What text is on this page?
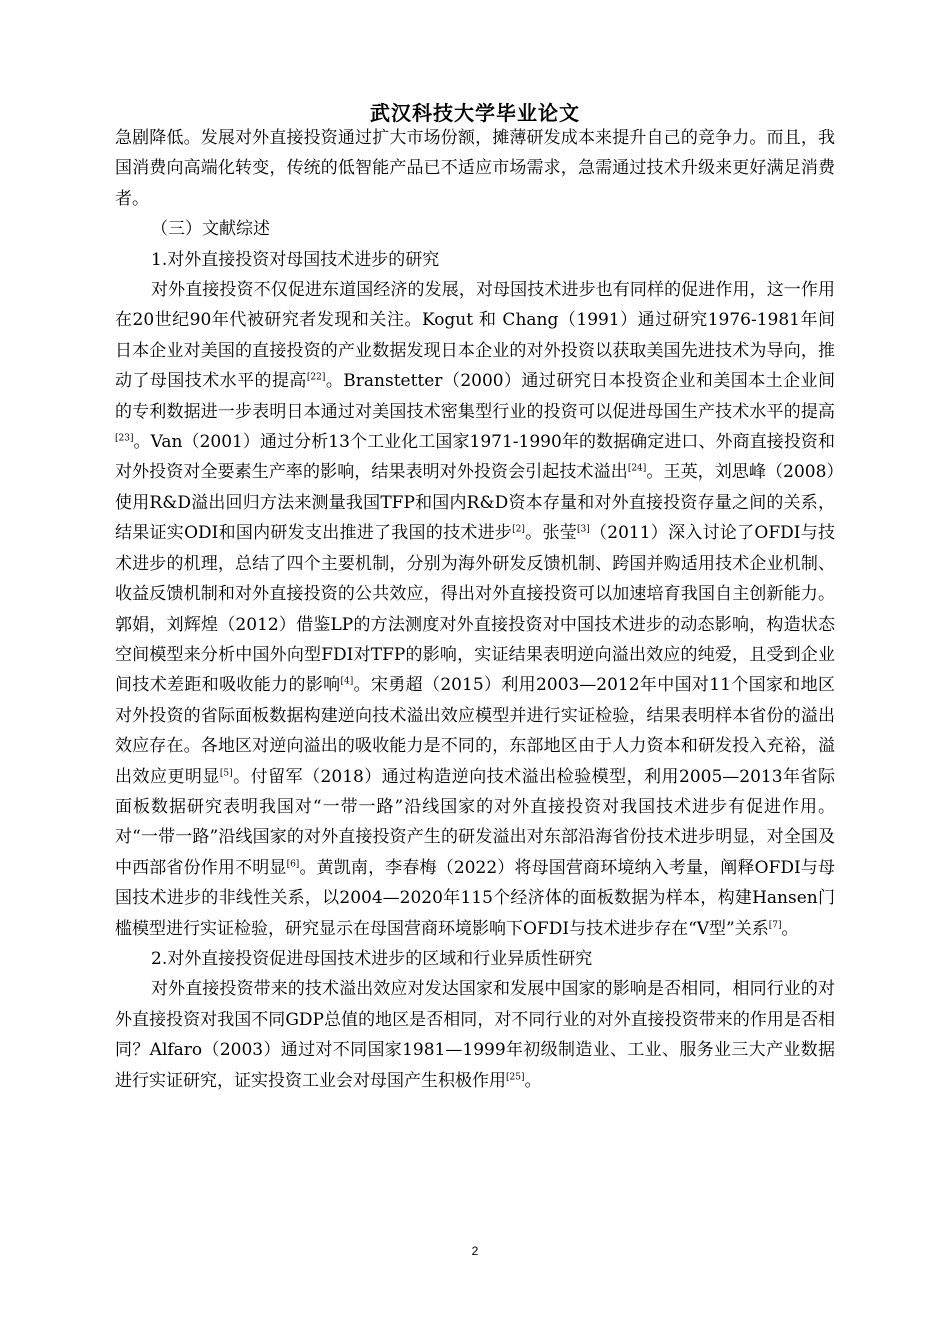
武汉科技大学毕业论文

急剧降低。发展对外直接投资通过扩大市场份额，摊薄研发成本来提升自己的竞争力。而且，我国消费向高端化转变，传统的低智能产品已不适应市场需求，急需通过技术升级来更好满足消费者。

（三）文献综述

1.对外直接投资对母国技术进步的研究

对外直接投资不仅促进东道国经济的发展，对母国技术进步也有同样的促进作用，这一作用在20世纪90年代被研究者发现和关注。Kogut 和 Chang（1991）通过研究1976-1981年间日本企业对美国的直接投资的产业数据发现日本企业的对外投资以获取美国先进技术为导向，推动了母国技术水平的提高[22]。Branstetter（2000）通过研究日本投资企业和美国本土企业间的专利数据进一步表明日本通过对美国技术密集型行业的投资可以促进母国生产技术水平的提高[23]。Van（2001）通过分析13个工业化工国家1971-1990年的数据确定进口、外商直接投资和对外投资对全要素生产率的影响，结果表明对外投资会引起技术溢出[24]。王英，刘思峰（2008）使用R&D溢出回归方法来测量我国TFP和国内R&D资本存量和对外直接投资存量之间的关系，结果证实ODI和国内研发支出推进了我国的技术进步[2]。张莹[3]（2011）深入讨论了OFDI与技术进步的机理，总结了四个主要机制，分别为海外研发反馈机制、跨国并购适用技术企业机制、收益反馈机制和对外直接投资的公共效应，得出对外直接投资可以加速培育我国自主创新能力。郭娟，刘辉煌（2012）借鉴LP的方法测度对外直接投资对中国技术进步的动态影响，构造状态空间模型来分析中国外向型FDI对TFP的影响，实证结果表明逆向溢出效应的纯爱，且受到企业间技术差距和吸收能力的影响[4]。宋勇超（2015）利用2003—2012年中国对11个国家和地区对外投资的省际面板数据构建逆向技术溢出效应模型并进行实证检验，结果表明样本省份的溢出效应存在。各地区对逆向溢出的吸收能力是不同的，东部地区由于人力资本和研发投入充裕，溢出效应更明显[5]。付留军（2018）通过构造逆向技术溢出检验模型，利用2005—2013年省际面板数据研究表明我国对“一带一路”沿线国家的对外直接投资对我国技术进步有促进作用。对“一带一路”沿线国家的对外直接投资产生的研发溢出对东部沿海省份技术进步明显，对全国及中西部省份作用不明显[6]。黄凯南，李春梅（2022）将母国营商环境纳入考量，阐释OFDI与母国技术进步的非线性关系，以2004—2020年115个经济体的面板数据为样本，构建Hansen门槛模型进行实证检验，研究显示在母国营商环境影响下OFDI与技术进步存在“V型”关系[7]。

2.对外直接投资促进母国技术进步的区域和行业异质性研究

对外直接投资带来的技术溢出效应对发达国家和发展中国家的影响是否相同，相同行业的对外直接投资对我国不同GDP总值的地区是否相同，对不同行业的对外直接投资带来的作用是否相同？Alfaro（2003）通过对不同国家1981—1999年初级制造业、工业、服务业三大产业数据进行实证研究，证实投资工业会对母国产生积极作用[25]。

2
